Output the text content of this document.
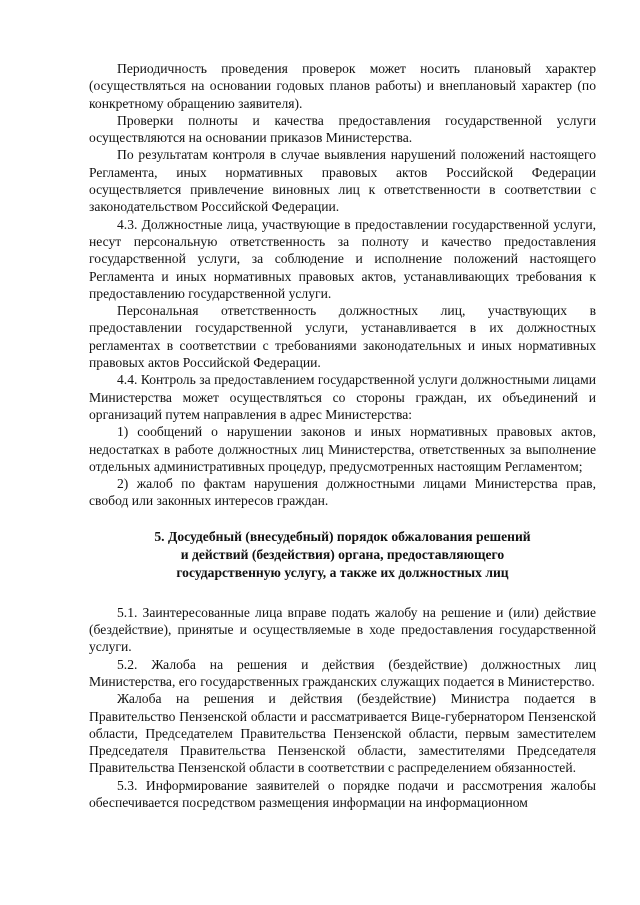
Периодичность проведения проверок может носить плановый характер (осуществляться на основании годовых планов работы) и внеплановый характер (по конкретному обращению заявителя).

Проверки полноты и качества предоставления государственной услуги осуществляются на основании приказов Министерства.

По результатам контроля в случае выявления нарушений положений настоящего Регламента, иных нормативных правовых актов Российской Федерации осуществляется привлечение виновных лиц к ответственности в соответствии с законодательством Российской Федерации.

4.3. Должностные лица, участвующие в предоставлении государственной услуги, несут персональную ответственность за полноту и качество предоставления государственной услуги, за соблюдение и исполнение положений настоящего Регламента и иных нормативных правовых актов, устанавливающих требования к предоставлению государственной услуги.

Персональная ответственность должностных лиц, участвующих в предоставлении государственной услуги, устанавливается в их должностных регламентах в соответствии с требованиями законодательных и иных нормативных правовых актов Российской Федерации.

4.4. Контроль за предоставлением государственной услуги должностными лицами Министерства может осуществляться со стороны граждан, их объединений и организаций путем направления в адрес Министерства:

1) сообщений о нарушении законов и иных нормативных правовых актов, недостатках в работе должностных лиц Министерства, ответственных за выполнение отдельных административных процедур, предусмотренных настоящим Регламентом;

2) жалоб по фактам нарушения должностными лицами Министерства прав, свобод или законных интересов граждан.

5. Досудебный (внесудебный) порядок обжалования решений
и действий (бездействия) органа, предоставляющего
государственную услугу, а также их должностных лиц

5.1. Заинтересованные лица вправе подать жалобу на решение и (или) действие (бездействие), принятые и осуществляемые в ходе предоставления государственной услуги.

5.2. Жалоба на решения и действия (бездействие) должностных лиц Министерства, его государственных гражданских служащих подается в Министерство.

Жалоба на решения и действия (бездействие) Министра подается в Правительство Пензенской области и рассматривается Вице-губернатором Пензенской области, Председателем Правительства Пензенской области, первым заместителем Председателя Правительства Пензенской области, заместителями Председателя Правительства Пензенской области в соответствии с распределением обязанностей.

5.3. Информирование заявителей о порядке подачи и рассмотрения жалобы обеспечивается посредством размещения информации на информационном
